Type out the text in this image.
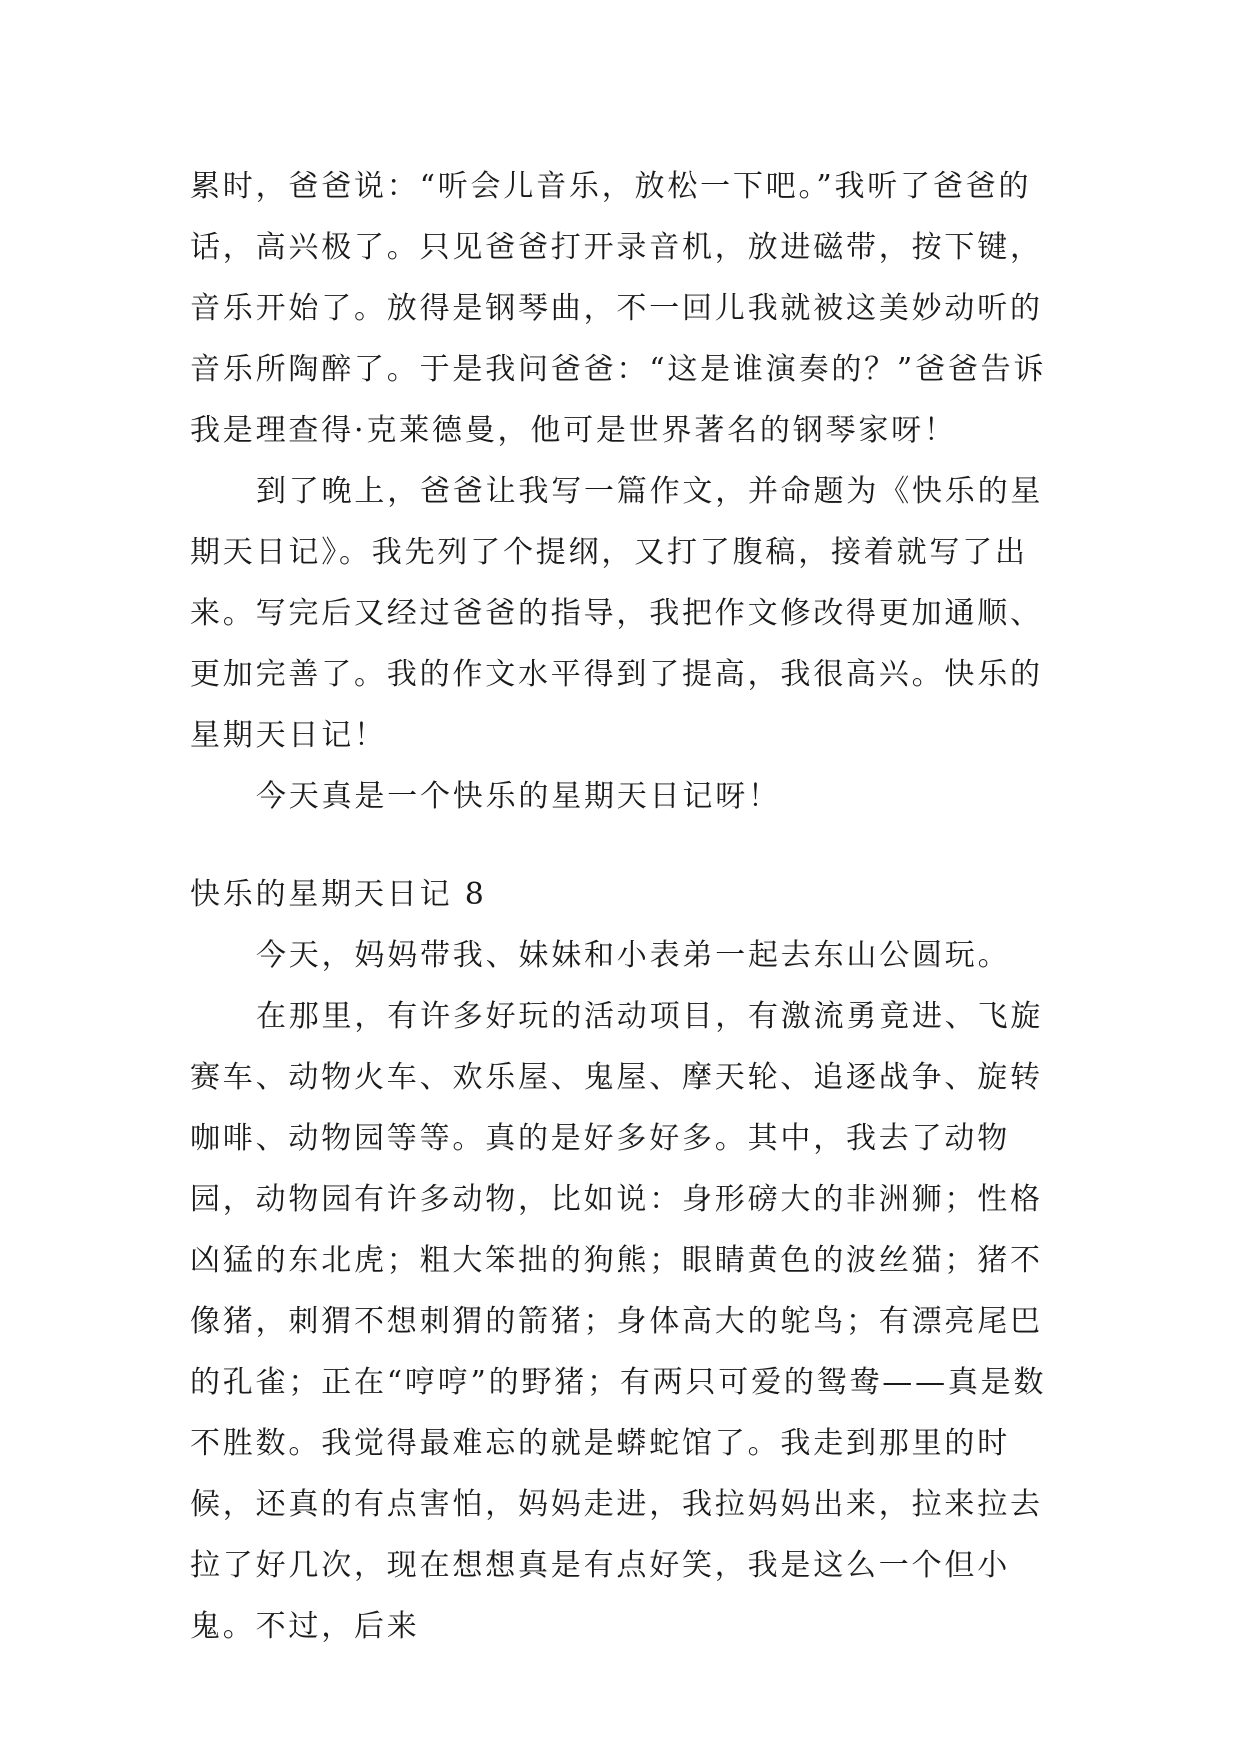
累时，爸爸说：“听会儿音乐，放松一下吧。”我听了爸爸的话，高兴极了。只见爸爸打开录音机，放进磁带，按下键，音乐开始了。放得是钢琴曲，不一回儿我就被这美妙动听的音乐所陶醉了。于是我问爸爸：“这是谁演奏的？”爸爸告诉我是理查得·克莱德曼，他可是世界著名的钢琴家呀！

到了晚上，爸爸让我写一篇作文，并命题为《快乐的星期天日记》。我先列了个提纲，又打了腹稿，接着就写了出来。写完后又经过爸爸的指导，我把作文修改得更加通顺、更加完善了。我的作文水平得到了提高，我很高兴。快乐的星期天日记！

今天真是一个快乐的星期天日记呀！

快乐的星期天日记 8

今天，妈妈带我、妹妹和小表弟一起去东山公圆玩。

在那里，有许多好玩的活动项目，有激流勇竟进、飞旋赛车、动物火车、欢乐屋、鬼屋、摩天轮、追逐战争、旋转咖啡、动物园等等。真的是好多好多。其中，我去了动物园，动物园有许多动物，比如说：身形磅大的非洲狮；性格凶猛的东北虎；粗大笨拙的狗熊；眼睛黄色的波丝猫；猪不像猪，刺猬不想刺猬的箭猪；身体高大的鸵鸟；有漂亮尾巴的孔雀；正在“哼哼”的野猪；有两只可爱的鸳鸯——真是数不胜数。我觉得最难忘的就是蟒蛇馆了。我走到那里的时候，还真的有点害怕，妈妈走进，我拉妈妈出来，拉来拉去拉了好几次，现在想想真是有点好笑，我是这么一个但小鬼。不过，后来
